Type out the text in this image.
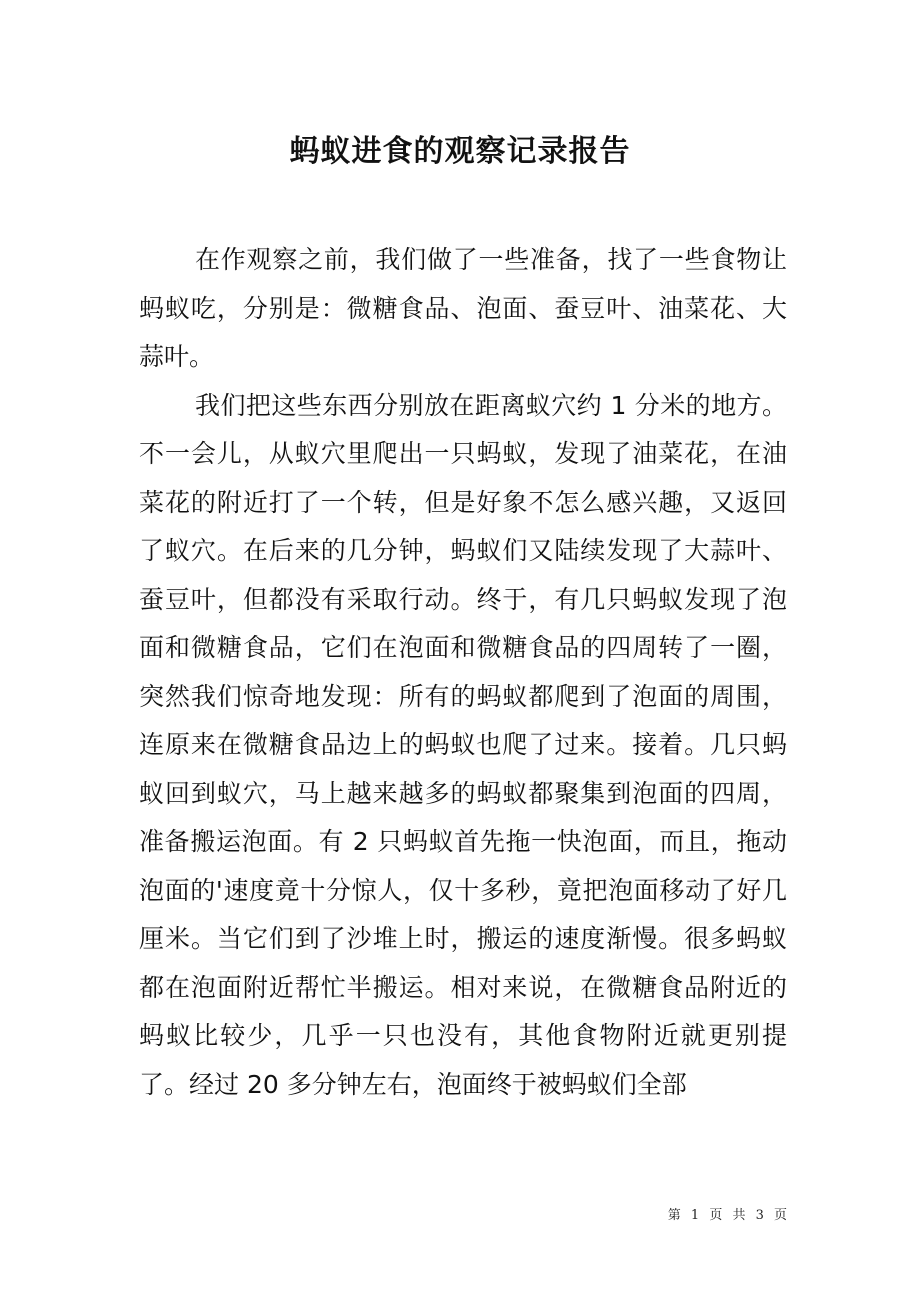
蚂蚁进食的观察记录报告

在作观察之前，我们做了一些准备，找了一些食物让蚂蚁吃，分别是：微糖食品、泡面、蚕豆叶、油菜花、大蒜叶。

我们把这些东西分别放在距离蚁穴约 1 分米的地方。不一会儿，从蚁穴里爬出一只蚂蚁，发现了油菜花，在油菜花的附近打了一个转，但是好象不怎么感兴趣，又返回了蚁穴。在后来的几分钟，蚂蚁们又陆续发现了大蒜叶、蚕豆叶，但都没有采取行动。终于，有几只蚂蚁发现了泡面和微糖食品，它们在泡面和微糖食品的四周转了一圈，突然我们惊奇地发现：所有的蚂蚁都爬到了泡面的周围，连原来在微糖食品边上的蚂蚁也爬了过来。接着。几只蚂蚁回到蚁穴，马上越来越多的蚂蚁都聚集到泡面的四周，准备搬运泡面。有 2 只蚂蚁首先拖一快泡面，而且，拖动泡面的'速度竟十分惊人，仅十多秒，竟把泡面移动了好几厘米。当它们到了沙堆上时，搬运的速度渐慢。很多蚂蚁都在泡面附近帮忙半搬运。相对来说，在微糖食品附近的蚂蚁比较少，几乎一只也没有，其他食物附近就更别提了。经过 20 多分钟左右，泡面终于被蚂蚁们全部

第 1 页 共 3 页
